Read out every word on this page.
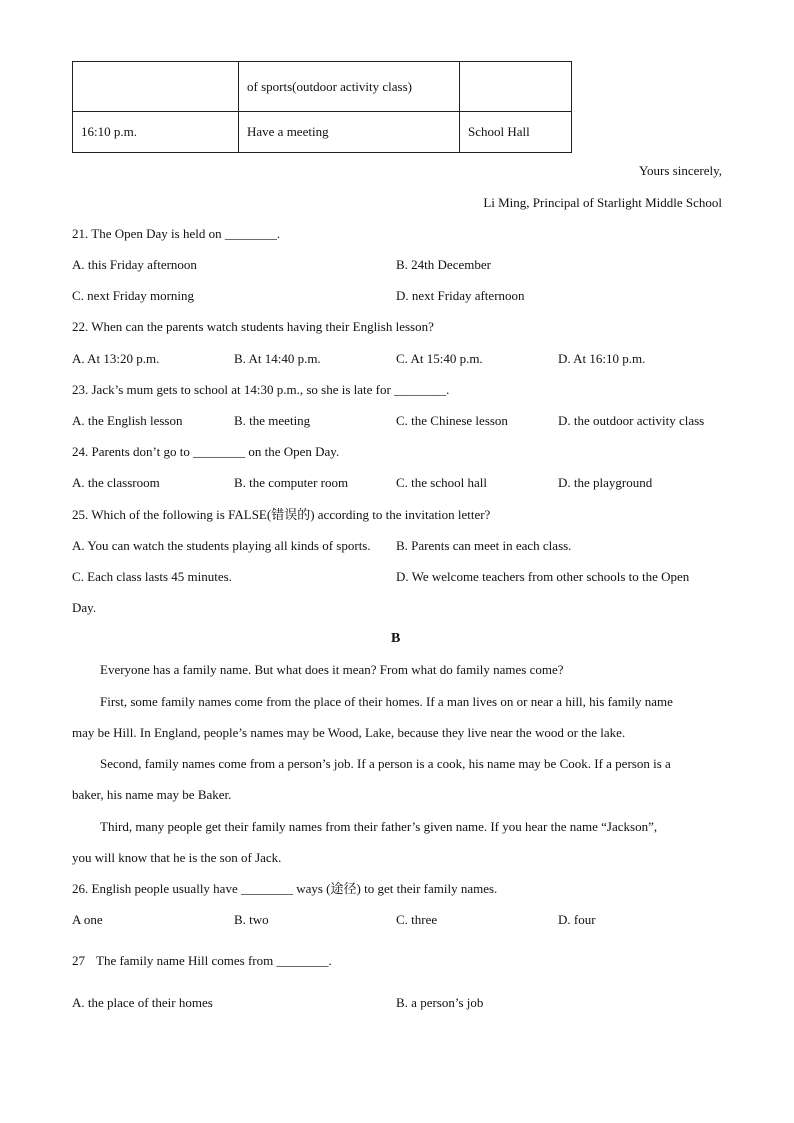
	of sports(outdoor activity class)	
16:10 p.m.	Have a meeting	School Hall
Yours sincerely,
Li Ming, Principal of Starlight Middle School
21. The Open Day is held on ________.
A. this Friday afternoon	B. 24th December
C. next Friday morning	D. next Friday afternoon
22. When can the parents watch students having their English lesson?
A. At 13:20 p.m.	B. At 14:40 p.m.	C. At 15:40 p.m.	D. At 16:10 p.m.
23. Jack’s mum gets to school at 14:30 p.m., so she is late for ________.
A. the English lesson	B. the meeting	C. the Chinese lesson	D. the outdoor activity class
24. Parents don’t go to ________ on the Open Day.
A. the classroom	B. the computer room	C. the school hall	D. the playground
25. Which of the following is FALSE(错误的) according to the invitation letter?
A. You can watch the students playing all kinds of sports. B. Parents can meet in each class.
C. Each class lasts 45 minutes.	D. We welcome teachers from other schools to the Open
Day.
B
Everyone has a family name. But what does it mean? From what do family names come?
First, some family names come from the place of their homes. If a man lives on or near a hill, his family name
may be Hill. In England, people’s names may be Wood, Lake, because they live near the wood or the lake.
Second, family names come from a person’s job. If a person is a cook, his name may be Cook. If a person is a
baker, his name may be Baker.
Third, many people get their family names from their father’s given name. If you hear the name “Jackson”,
you will know that he is the son of Jack.
26. English people usually have ________ ways (途径) to get their family names.
A one	B. two	C. three	D. four
27 The family name Hill comes from ________.
A. the place of their homes	B. a person’s job
